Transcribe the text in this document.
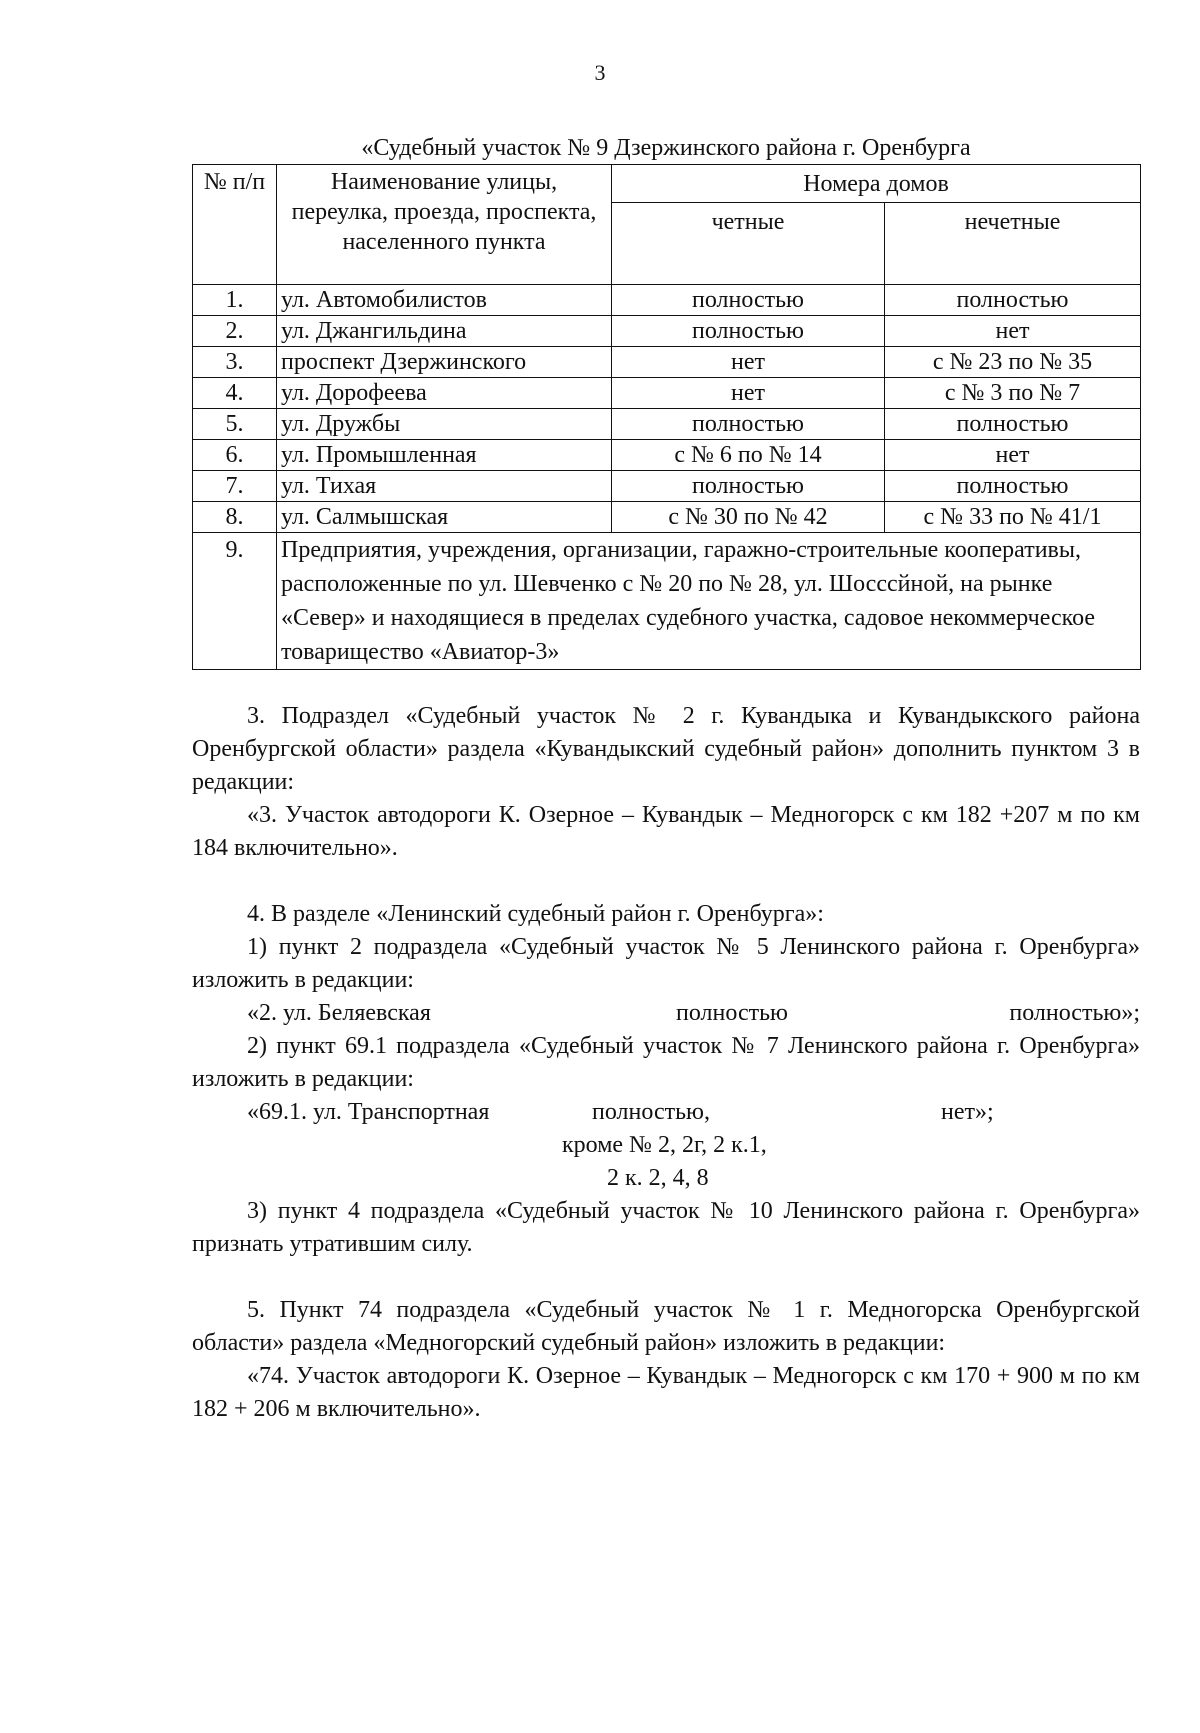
3
«Судебный участок № 9 Дзержинского района г. Оренбурга
№ п/п	Наименование улицы, переулка, проезда, проспекта, населенного пункта	Номера домов	
		четные	нечетные
1.	ул. Автомобилистов	полностью	полностью
2.	ул. Джангильдина	полностью	нет
3.	проспект Дзержинского	нет	с № 23 по № 35
4.	ул. Дорофеева	нет	с № 3 по № 7
5.	ул. Дружбы	полностью	полностью
6.	ул. Промышленная	с № 6 по № 14	нет
7.	ул. Тихая	полностью	полностью
8.	ул. Салмышская	с № 30 по № 42	с № 33 по № 41/1
9.	Предприятия, учреждения, организации, гаражно-строительные кооперативы, расположенные по ул. Шевченко с № 20 по № 28, ул. Шосссйной, на рынке «Север» и находящиеся в пределах судебного участка, садовое некоммерческое товарищество «Авиатор-3»		

3. Подраздел «Судебный участок № 2 г. Кувандыка и Кувандыкского района Оренбургской области» раздела «Кувандыкский судебный район» дополнить пунктом 3 в редакции:

«3. Участок автодороги К. Озерное – Кувандык – Медногорск с км 182 +207 м по км 184 включительно».

4. В разделе «Ленинский судебный район г. Оренбурга»:

1) пункт 2 подраздела «Судебный участок № 5 Ленинского района г. Оренбурга» изложить в редакции:

«2. ул. Беляевская	полностью	полностью»;

2) пункт 69.1 подраздела «Судебный участок № 7 Ленинского района г. Оренбурга» изложить в редакции:

«69.1. ул. Транспортная	полностью,	нет»;
кроме № 2, 2г, 2 к.1,
2 к. 2, 4, 8

3) пункт 4 подраздела «Судебный участок № 10 Ленинского района г. Оренбурга» признать утратившим силу.

5. Пункт 74 подраздела «Судебный участок № 1 г. Медногорска Оренбургской области» раздела «Медногорский судебный район» изложить в редакции:

«74. Участок автодороги К. Озерное – Кувандык – Медногорск с км 170 + 900 м по км 182 + 206 м включительно».
